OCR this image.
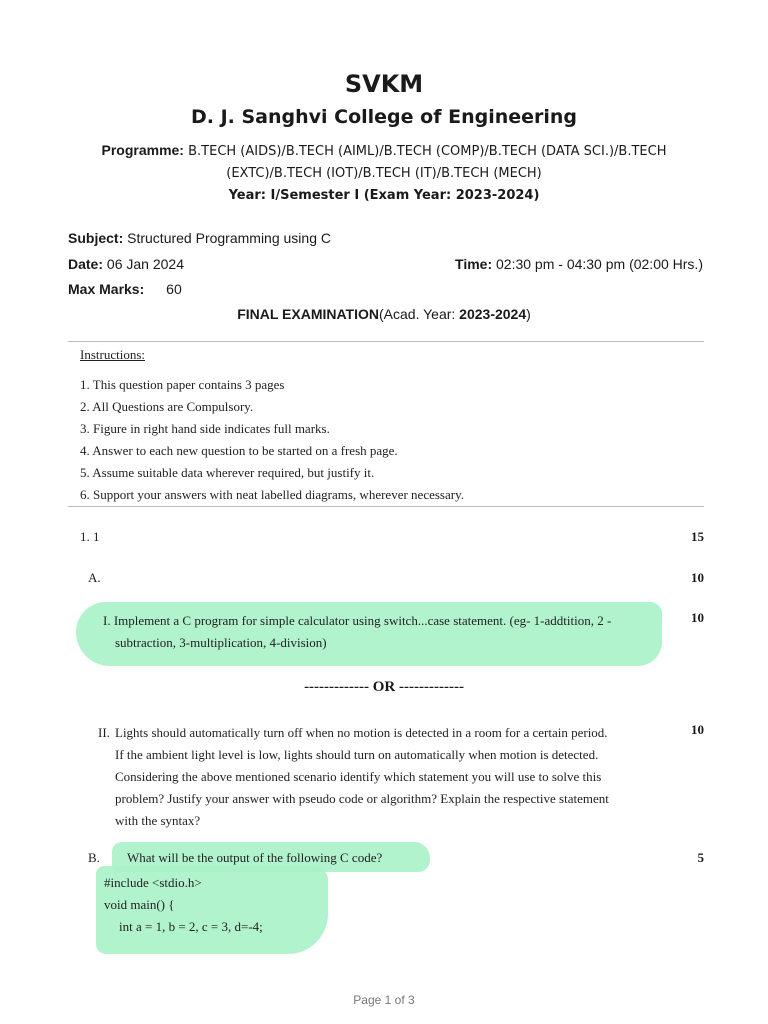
SVKM
D. J. Sanghvi College of Engineering
Programme: B.TECH (AIDS)/B.TECH (AIML)/B.TECH (COMP)/B.TECH (DATA SCI.)/B.TECH
(EXTC)/B.TECH (IOT)/B.TECH (IT)/B.TECH (MECH)
Year: I/Semester I (Exam Year: 2023-2024)
Subject: Structured Programming using C
Date: 06 Jan 2024	Time: 02:30 pm - 04:30 pm (02:00 Hrs.)
Max Marks: 60
FINAL EXAMINATION(Acad. Year: 2023-2024)
Instructions:
1. This question paper contains 3 pages
2. All Questions are Compulsory.
3. Figure in right hand side indicates full marks.
4. Answer to each new question to be started on a fresh page.
5. Assume suitable data wherever required, but justify it.
6. Support your answers with neat labelled diagrams, wherever necessary.
1. 1	15
A.	10
I. Implement a C program for simple calculator using switch...case statement. (eg- 1-addtition, 2 -
subtraction, 3-multiplication, 4-division)
10
------------- OR -------------
II. Lights should automatically turn off when no motion is detected in a room for a certain period.
If the ambient light level is low, lights should turn on automatically when motion is detected.
Considering the above mentioned scenario identify which statement you will use to solve this
problem? Justify your answer with pseudo code or algorithm? Explain the respective statement
with the syntax?
10
B. What will be the output of the following C code?	5
#include <stdio.h>
void main() {
int a = 1, b = 2, c = 3, d=-4;
Page 1 of 3
